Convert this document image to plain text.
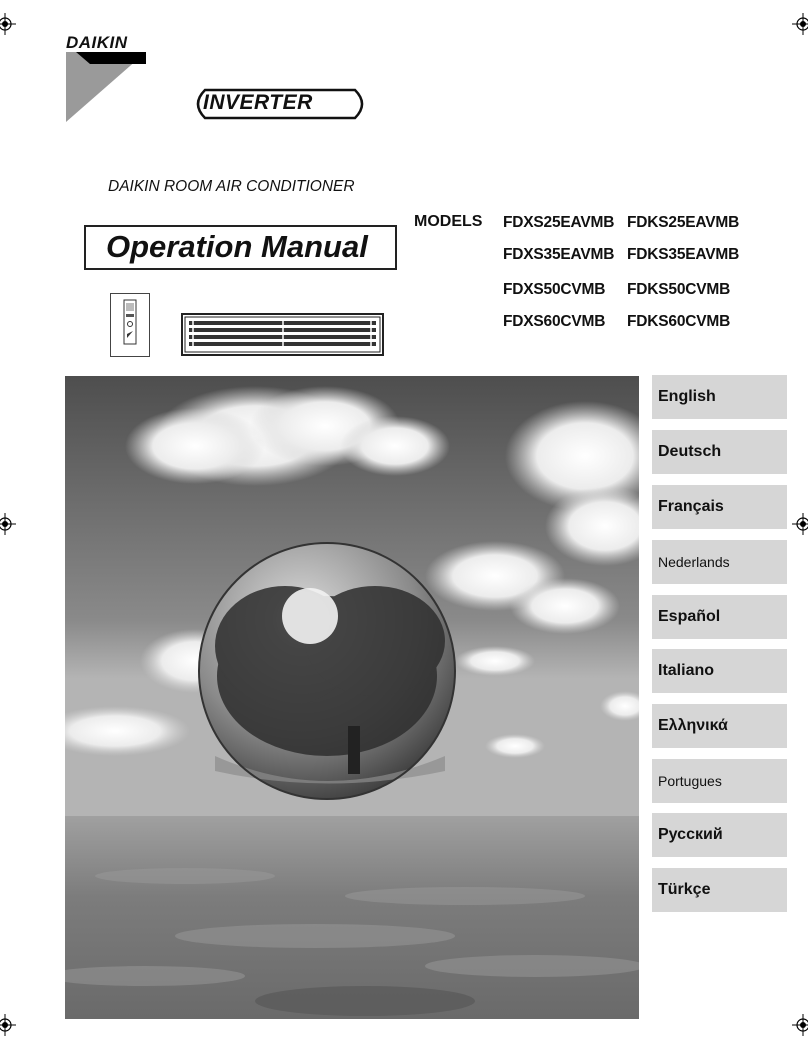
DAIKIN
INVERTER
DAIKIN ROOM AIR CONDITIONER
Operation Manual
MODELS FDXS25EAVMB
FDXS35EAVMB
FDXS50CVMB
FDXS60CVMB
FDKS25EAVMB
FDKS35EAVMB
FDKS50CVMB
FDKS60CVMB
English
Deutsch
Français
Nederlands
Español
Italiano
Ελληνικά
Portugues
Русский
Türkçe
